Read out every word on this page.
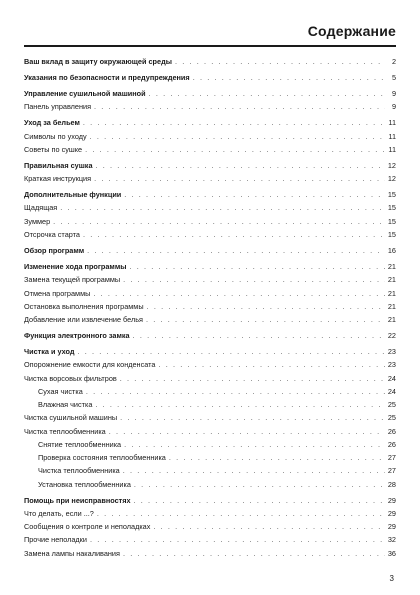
Содержание
Ваш вклад в защиту окружающей среды . . .	2
Указания по безопасности и предупреждения . . .	5
Управление сушильной машиной . . .	9
Панель управления . . .	9
Уход за бельем . . .	11
Символы по уходу . . .	11
Советы по сушке . . .	11
Правильная сушка . . .	12
Краткая инструкция . . .	12
Дополнительные функции . . .	15
Щадящая . . .	15
Зуммер . . .	15
Отсрочка старта . . .	15
Обзор программ . . .	16
Изменение хода программы . . .	21
Замена текущей программы . . .	21
Отмена программы . . .	21
Остановка выполнения программы . . .	21
Добавление или извлечение белья . . .	21
Функция электронного замка . . .	22
Чистка и уход . . .	23
Опорожнение емкости для конденсата . . .	23
Чистка ворсовых фильтров . . .	24
Сухая чистка . . .	24
Влажная чистка . . .	25
Чистка сушильной машины . . .	25
Чистка теплообменника . . .	26
Снятие теплообменника . . .	26
Проверка состояния теплообменника . . .	27
Чистка теплообменника . . .	27
Установка теплообменника . . .	28
Помощь при неисправностях . . .	29
Что делать, если ...? . . .	29
Сообщения о контроле и неполадках . . .	29
Прочие неполадки . . .	32
Замена лампы накаливания . . .	36
3
